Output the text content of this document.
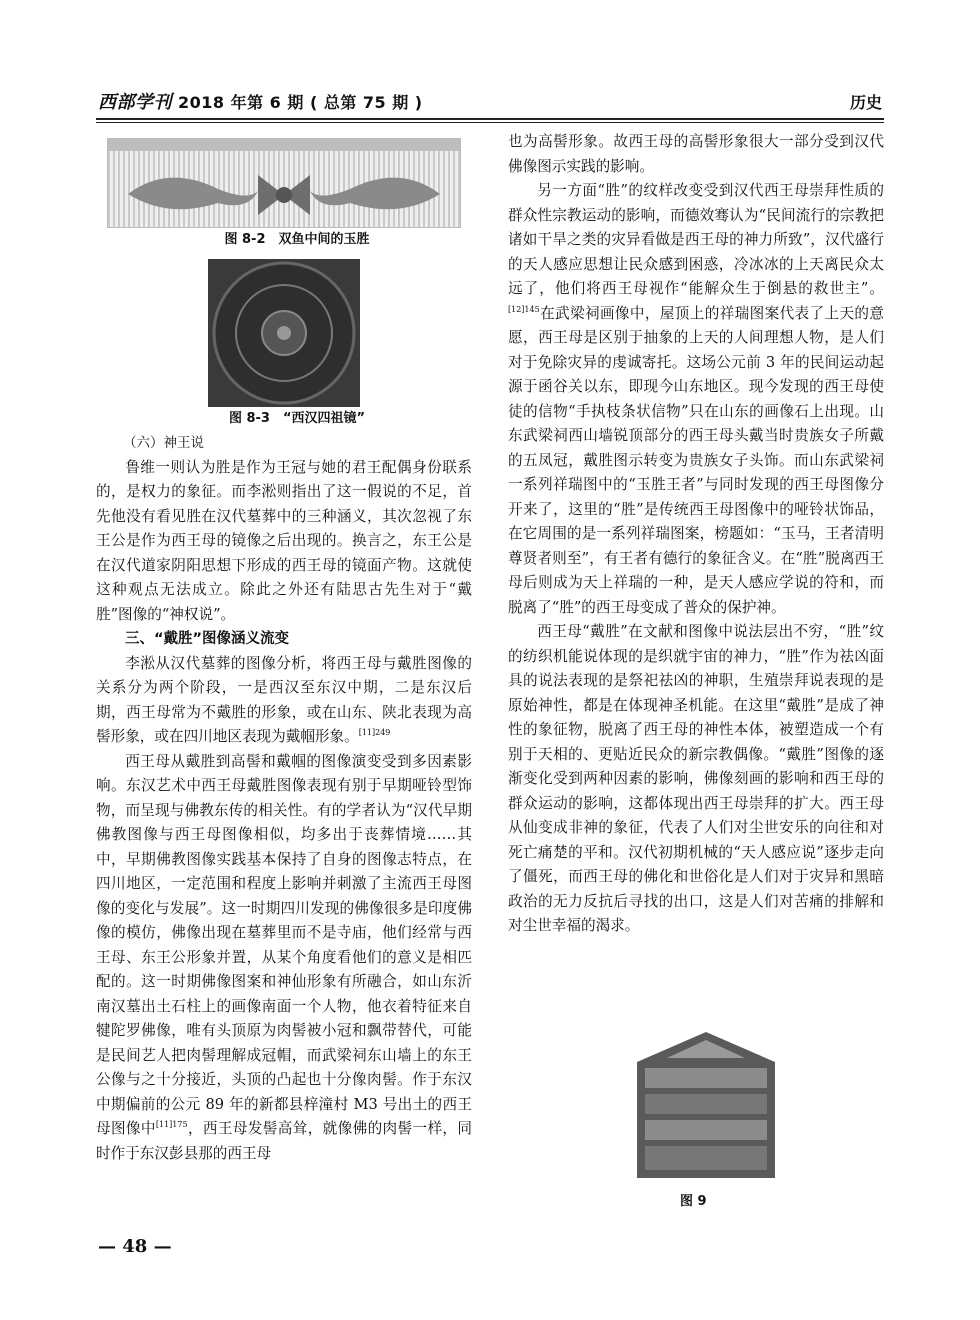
西部学刊 2018 年第 6 期 ( 总第 75 期 )	历史

图 8-2　双鱼中间的玉胜

图 8-3　“西汉四祖镜”

（六）神王说

鲁维一则认为胜是作为王冠与她的君王配偶身份联系的，是权力的象征。而李淞则指出了这一假说的不足，首先他没有看见胜在汉代墓葬中的三种涵义，其次忽视了东王公是作为西王母的镜像之后出现的。换言之，东王公是在汉代道家阴阳思想下形成的西王母的镜面产物。这就使这种观点无法成立。除此之外还有陆思古先生对于“戴胜”图像的“神权说”。

三、“戴胜”图像涵义流变

李淞从汉代墓葬的图像分析，将西王母与戴胜图像的关系分为两个阶段，一是西汉至东汉中期，二是东汉后期，西王母常为不戴胜的形象，或在山东、陕北表现为高髻形象，或在四川地区表现为戴帼形象。$^{[11]249}$

西王母从戴胜到高髻和戴帼的图像演变受到多因素影响。东汉艺术中西王母戴胜图像表现有别于早期哑铃型饰物，而呈现与佛教东传的相关性。有的学者认为“汉代早期佛教图像与西王母图像相似，均多出于丧葬情境……其中，早期佛教图像实践基本保持了自身的图像志特点，在四川地区，一定范围和程度上影响并刺激了主流西王母图像的变化与发展”。这一时期四川发现的佛像很多是印度佛像的模仿，佛像出现在墓葬里而不是寺庙，他们经常与西王母、东王公形象并置，从某个角度看他们的意义是相匹配的。这一时期佛像图案和神仙形象有所融合，如山东沂南汉墓出土石柱上的画像南面一个人物，他衣着特征来自犍陀罗佛像，唯有头顶原为肉髻被小冠和飘带替代，可能是民间艺人把肉髻理解成冠帽，而武梁祠东山墙上的东王公像与之十分接近，头顶的凸起也十分像肉髻。作于东汉中期偏前的公元 89 年的新都县梓潼村 M3 号出土的西王母图像中$^{[11]175}$，西王母发髻高耸，就像佛的肉髻一样，同时作于东汉彭县那的西王母

也为高髻形象。故西王母的高髻形象很大一部分受到汉代佛像图示实践的影响。

另一方面“胜”的纹样改变受到汉代西王母崇拜性质的群众性宗教运动的影响，而德效骞认为“民间流行的宗教把诸如干旱之类的灾异看做是西王母的神力所致”，汉代盛行的天人感应思想让民众感到困惑，冷冰冰的上天离民众太远了，他们将西王母视作“能解众生于倒悬的救世主”。$^{[12]145}$在武梁祠画像中，屋顶上的祥瑞图案代表了上天的意愿，西王母是区别于抽象的上天的人间理想人物，是人们对于免除灾异的虔诚寄托。这场公元前 3 年的民间运动起源于函谷关以东，即现今山东地区。现今发现的西王母使徒的信物“手执枝条状信物”只在山东的画像石上出现。山东武梁祠西山墙锐顶部分的西王母头戴当时贵族女子所戴的五凤冠，戴胜图示转变为贵族女子头饰。而山东武梁祠一系列祥瑞图中的“玉胜王者”与同时发现的西王母图像分开来了，这里的“胜”是传统西王母图像中的哑铃状饰品，在它周围的是一系列祥瑞图案，榜题如：“玉马，王者清明尊贤者则至”，有王者有德行的象征含义。在“胜”脱离西王母后则成为天上祥瑞的一种，是天人感应学说的符和，而脱离了“胜”的西王母变成了普众的保护神。

西王母“戴胜”在文献和图像中说法层出不穷，“胜”纹的纺织机能说体现的是织就宇宙的神力，“胜”作为祛凶面具的说法表现的是祭祀祛凶的神职，生殖崇拜说表现的是原始神性，都是在体现神圣机能。在这里“戴胜”是成了神性的象征物，脱离了西王母的神性本体，被塑造成一个有别于天相的、更贴近民众的新宗教偶像。“戴胜”图像的逐渐变化受到两种因素的影响，佛像刻画的影响和西王母的群众运动的影响，这都体现出西王母崇拜的扩大。西王母从仙变成非神的象征，代表了人们对尘世安乐的向往和对死亡痛楚的平和。汉代初期机械的“天人感应说”逐步走向了僵死，而西王母的佛化和世俗化是人们对于灾异和黑暗政治的无力反抗后寻找的出口，这是人们对苦痛的排解和对尘世幸福的渴求。

图 9
— 48 —
